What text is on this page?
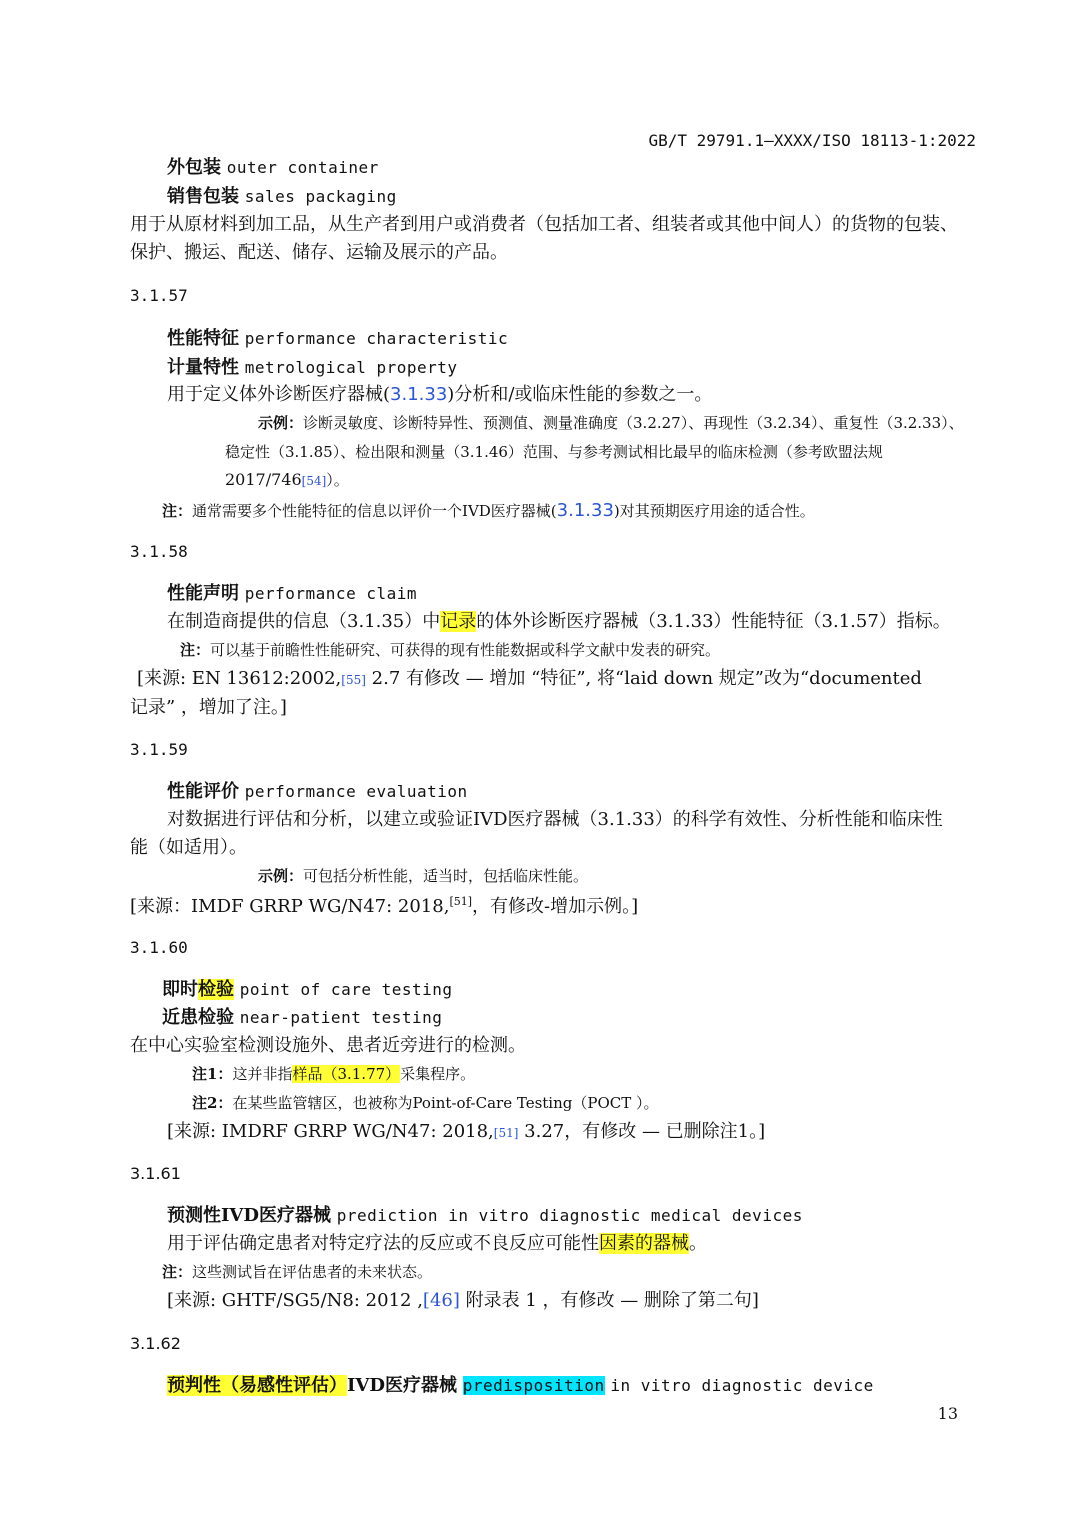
GB/T 29791.1—XXXX/ISO 18113-1:2022
外包装 outer container
销售包装 sales packaging
用于从原材料到加工品，从生产者到用户或消费者（包括加工者、组装者或其他中间人）的货物的包装、
保护、搬运、配送、储存、运输及展示的产品。
3.1.57
性能特征 performance characteristic
计量特性 metrological property
用于定义体外诊断医疗器械(3.1.33)分析和/或临床性能的参数之一。
示例：诊断灵敏度、诊断特异性、预测值、测量准确度（3.2.27）、再现性（3.2.34）、重复性（3.2.33）、
稳定性（3.1.85）、检出限和测量（3.1.46）范围、与参考测试相比最早的临床检测（参考欧盟法规
2017/746[54]）。
注：通常需要多个性能特征的信息以评价一个IVD医疗器械(3.1.33)对其预期医疗用途的适合性。
3.1.58
性能声明 performance claim
在制造商提供的信息（3.1.35）中记录的体外诊断医疗器械（3.1.33）性能特征（3.1.57）指标。
注：可以基于前瞻性性能研究、可获得的现有性能数据或科学文献中发表的研究。
[来源: EN 13612:2002,[55] 2.7 有修改 — 增加 “特征”, 将“laid down 规定”改为“documented
记录” ，增加了注。]
3.1.59
性能评价 performance evaluation
对数据进行评估和分析，以建立或验证IVD医疗器械（3.1.33）的科学有效性、分析性能和临床性
能（如适用）。
示例：可包括分析性能，适当时，包括临床性能。
[来源：IMDF GRRP WG/N47: 2018,[51]，有修改-增加示例。]
3.1.60
即时检验 point of care testing
近患检验 near-patient testing
在中心实验室检测设施外、患者近旁进行的检测。
注1：这并非指样品（3.1.77）采集程序。
注2：在某些监管辖区，也被称为Point-of-Care Testing（POCT ）。
[来源: IMDRF GRRP WG/N47: 2018,[51] 3.27，有修改 — 已删除注1。]
3.1.61
预测性IVD医疗器械 prediction in vitro diagnostic medical devices
用于评估确定患者对特定疗法的反应或不良反应可能性因素的器械。
注：这些测试旨在评估患者的未来状态。
[来源: GHTF/SG5/N8: 2012 ,[46] 附录表 1 ，有修改 — 删除了第二句]
3.1.62
预判性（易感性评估）IVD医疗器械 predisposition in vitro diagnostic device
13
